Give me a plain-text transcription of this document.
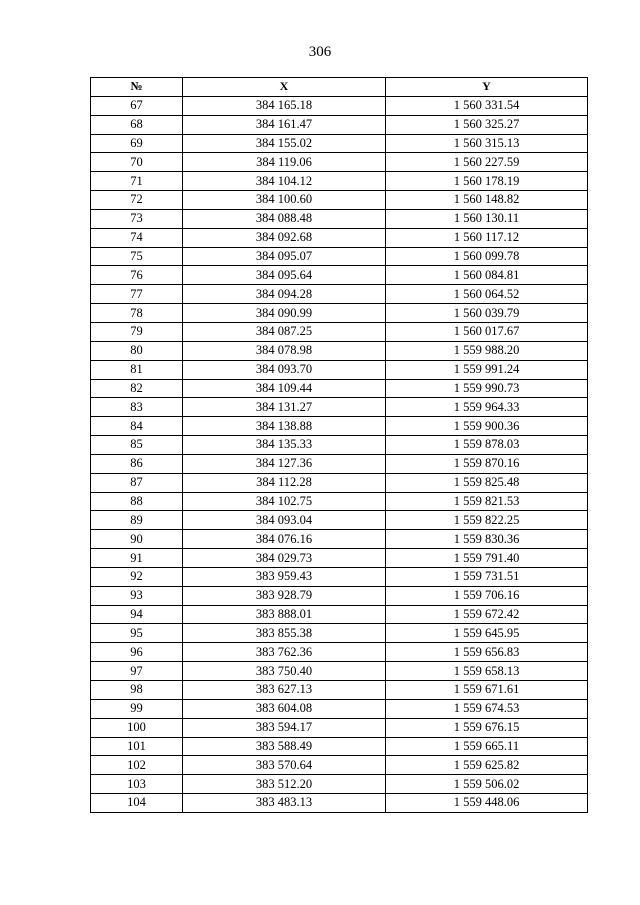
306
№	X	Y
67	384 165.18	1 560 331.54
68	384 161.47	1 560 325.27
69	384 155.02	1 560 315.13
70	384 119.06	1 560 227.59
71	384 104.12	1 560 178.19
72	384 100.60	1 560 148.82
73	384 088.48	1 560 130.11
74	384 092.68	1 560 117.12
75	384 095.07	1 560 099.78
76	384 095.64	1 560 084.81
77	384 094.28	1 560 064.52
78	384 090.99	1 560 039.79
79	384 087.25	1 560 017.67
80	384 078.98	1 559 988.20
81	384 093.70	1 559 991.24
82	384 109.44	1 559 990.73
83	384 131.27	1 559 964.33
84	384 138.88	1 559 900.36
85	384 135.33	1 559 878.03
86	384 127.36	1 559 870.16
87	384 112.28	1 559 825.48
88	384 102.75	1 559 821.53
89	384 093.04	1 559 822.25
90	384 076.16	1 559 830.36
91	384 029.73	1 559 791.40
92	383 959.43	1 559 731.51
93	383 928.79	1 559 706.16
94	383 888.01	1 559 672.42
95	383 855.38	1 559 645.95
96	383 762.36	1 559 656.83
97	383 750.40	1 559 658.13
98	383 627.13	1 559 671.61
99	383 604.08	1 559 674.53
100	383 594.17	1 559 676.15
101	383 588.49	1 559 665.11
102	383 570.64	1 559 625.82
103	383 512.20	1 559 506.02
104	383 483.13	1 559 448.06
